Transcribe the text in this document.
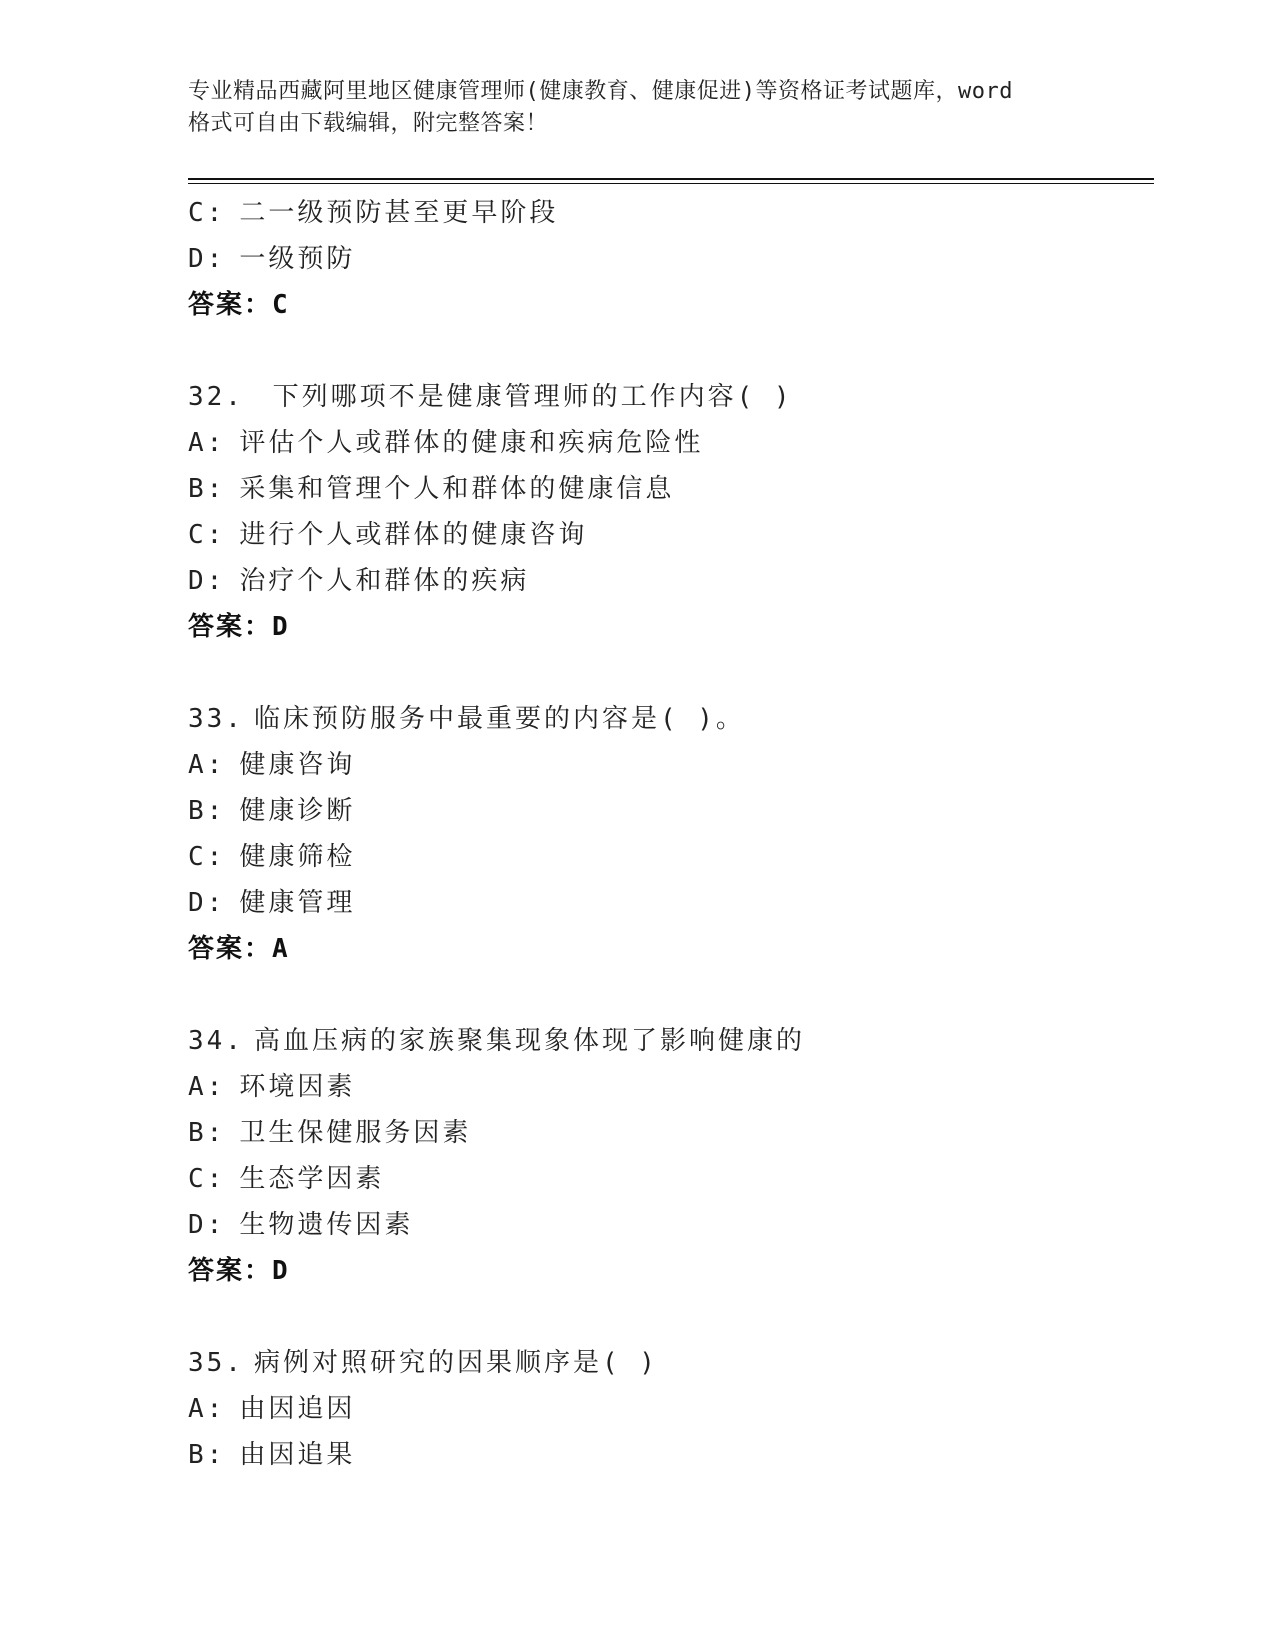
专业精品西藏阿里地区健康管理师(健康教育、健康促进)等资格证考试题库，word
格式可自由下载编辑，附完整答案！
C: 二一级预防甚至更早阶段
D: 一级预防
答案：C
32. 下列哪项不是健康管理师的工作内容( )
A: 评估个人或群体的健康和疾病危险性
B: 采集和管理个人和群体的健康信息
C: 进行个人或群体的健康咨询
D: 治疗个人和群体的疾病
答案：D
33. 临床预防服务中最重要的内容是( )。
A: 健康咨询
B: 健康诊断
C: 健康筛检
D: 健康管理
答案：A
34. 高血压病的家族聚集现象体现了影响健康的
A: 环境因素
B: 卫生保健服务因素
C: 生态学因素
D: 生物遗传因素
答案：D
35. 病例对照研究的因果顺序是( )
A: 由因追因
B: 由因追果
